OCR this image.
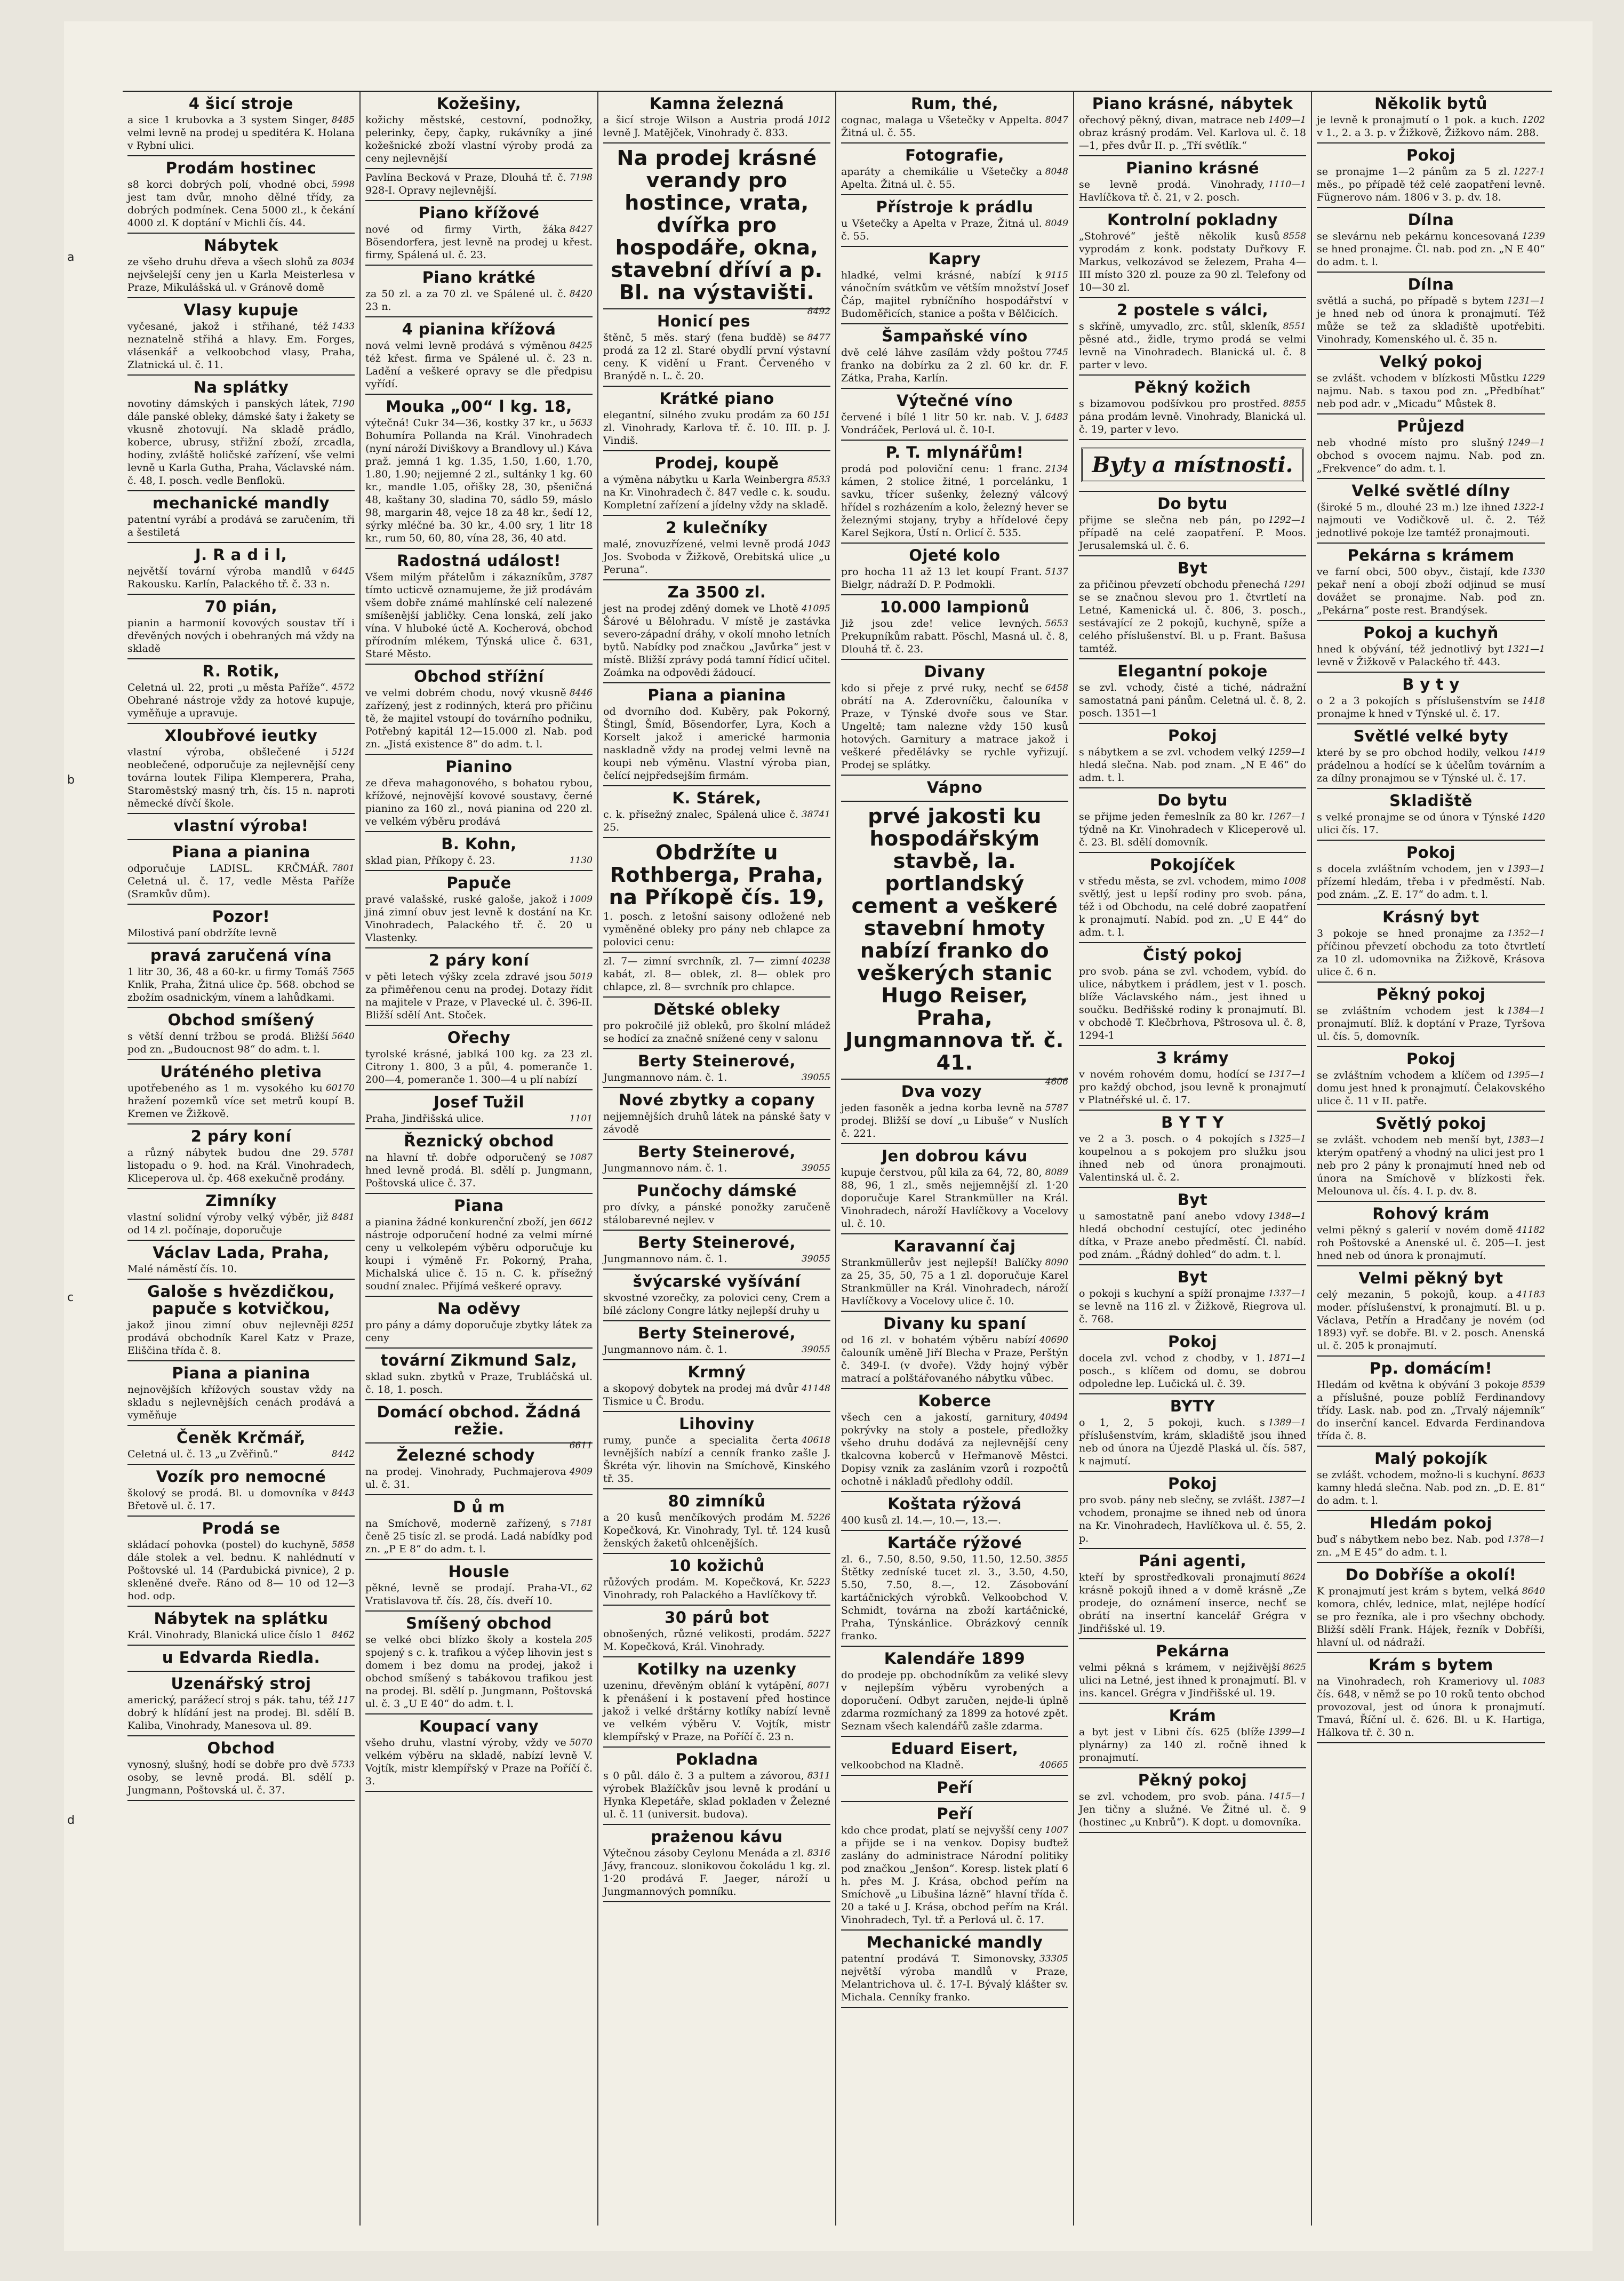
a
b
c
d
4 šicí stroje

8485
a sice 1 krubovka a 3 system Singer, velmi levně na prodej u speditéra K. Holana v Rybní ulici.

Prodám hostinec

5998
s8 korci dobrých polí, vhodné obci, jest tam dvůr, mnoho dělné třídy, za dobrých podmínek. Cena 5000 zl., k čekání 4000 zl. K doptání v Michli čís. 44.

Nábytek

8034
ze všeho druhu dřeva a všech slohů za nejvšelejší ceny jen u Karla Meisterlesa v Praze, Mikulášská ul. v Gránově domě

Vlasy kupuje

1433
vyčesané, jakož i střihané, též neznatelně střihá a hlavy. Em. Forges, vlásenkář a velkoobchod vlasy, Praha, Zlatnická ul. č. 11.

Na splátky

7190
novotiny dámských i panských látek, dále panské obleky, dámské šaty i žakety se vkusně zhotovují. Na skladě prádlo, koberce, ubrusy, střižní zboží, zrcadla, hodiny, zvláště holičské zařízení, vše velmi levně u Karla Gutha, Praha, Václavské nám. č. 48, I. posch. vedle Benflokü.

mechanické mandly

patentní vyrábí a prodává se zaručením, tři a šestiletá

J. R a d i l,

6445
největší tovární výroba mandlů v Rakousku. Karlín, Palackého tř. č. 33 n.

70 pián,

pianin a harmonií kovových soustav tří i dřevěných nových i obehraných má vždy na skladě

R. Rotik,

4572
Celetná ul. 22, proti „u města Paříže“. Obehrané nástroje vždy za hotové kupuje, vyměňuje a upravuje.

Xloubřové ieutky

5124
vlastní výroba, obšlečené i neoblečené, odporučuje za nejlevnější ceny továrna loutek Filipa Klemperera, Praha, Staroměstský masný trh, čís. 15 n. naproti německé dívčí škole.

vlastní výroba!
Piana a pianina

7801
odporučuje LADISL. KRČMÁŘ. Celetná ul. č. 17, vedle Města Paříže (Sramkův dům).

Pozor!

Milostivá paní obdržíte levně

pravá zaručená vína

7565
1 litr 30, 36, 48 a 60-kr. u firmy Tomáš Knlik, Praha, Žitná ulice čp. 568. obchod se zbožím osadnickým, vínem a lahůdkami.

Obchod smíšený

5640
s větší denní tržbou se prodá. Bližší pod zn. „Budoucnost 98“ do adm. t. l.

Uráténého pletiva

60170
upotřebeného as 1 m. vysokého ku hražení pozemků více set metrů koupí B. Kremen ve Žižkově.

2 páry koní

5781
a různý nábytek budou dne 29. listopadu o 9. hod. na Král. Vinohradech, Kliceperova ul. čp. 468 exekučně prodány.

Zimníky

8481
vlastní solidní výroby velký výběr, již od 14 zl. počínaje, doporučuje

Václav Lada, Praha,

Malé náměstí čís. 10.

Galoše s hvězdičkou, papuče s kotvičkou,

8251
jakož jinou zimní obuv nejlevněji prodává obchodník Karel Katz v Praze, Eliščina třída č. 8.

Piana a pianina

nejnovějších křížových soustav vždy na skladu s nejlevnějších cenách prodává a vyměňuje

Čeněk Krčmář,

8442
Celetná ul. č. 13 „u Zvěřinů.“

Vozík pro nemocné

8443
školový se prodá. Bl. u domovníka v Břetově ul. č. 17.

Prodá se

5858
skládací pohovka (postel) do kuchyně, dále stolek a vel. bednu. K nahlédnutí v Poštovské ul. 14 (Pardubická pivnice), 2 p. skleněné dveře. Ráno od 8— 10 od 12—3 hod. odp.

Nábytek na splátku

8462
Král. Vinohrady, Blanická ulice číslo 1

u Edvarda Riedla.
Uzenářský stroj

117
americký, parážecí stroj s pák. tahu, též dobrý k hlídání jest na prodej. Bl. sdělí B. Kaliba, Vinohrady, Manesova ul. 89.

Obchod

5733
vynosný, slušný, hodí se dobře pro dvě osoby, se levně prodá. Bl. sdělí p. Jungmann, Poštovská ul. č. 37.

Kožešiny,

kožichy městské, cestovní, podnožky, pelerinky, čepy, čapky, rukávníky a jiné kožešnické zboží vlastní výroby prodá za ceny nejlevnější

7198
Pavlína Becková v Praze, Dlouhá tř. č. 928-I. Opravy nejlevnější.

Piano křížové

8427
nové od firmy Virth, žáka Bösendorfera, jest levně na prodej u křest. firmy, Spálená ul. č. 23.

Piano krátké

8420
za 50 zl. a za 70 zl. ve Spálené ul. č. 23 n.

4 pianina křížová

8425
nová velmi levně prodává s výměnou též křest. firma ve Spálené ul. č. 23 n. Ladění a veškeré opravy se dle předpisu vyřídí.

Mouka „00“ l kg. 18,

5633
výtečná! Cukr 34—36, kostky 37 kr., u Bohumíra Pollanda na Král. Vinohradech (nyní nároží Diviškovy a Brandlovy ul.) Káva praž. jemná 1 kg. 1.35, 1.50, 1.60, 1.70, 1.80, 1.90; nejjemné 2 zl., sultánky 1 kg. 60 kr., mandle 1.05, ořišky 28, 30, pšeničná 48, kaštany 30, sladina 70, sádlo 59, máslo 98, margarin 48, vejce 18 za 48 kr., šedí 12, sýrky mléčné ba. 30 kr., 4.00 sry, 1 litr 18 kr., rum 50, 60, 80, vína 28, 36, 40 atd.

Radostná událost!

3787
Všem milým přátelům i zákazníkům, tímto ucticvě oznamujeme, že již prodávám všem dobře známé mahlínské celí nalezené smíšenější jabličky. Cena lonská, zelí jako vína. V hluboké úctě A. Kocherová, obchod přírodním mlékem, Týnská ulice č. 631, Staré Město.

Obchod stříżní

8446
ve velmi dobrém chodu, nový vkusně zařízený, jest z rodinných, která pro přičinu tě, že majitel vstoupí do továrního podniku, Potřebný kapitál 12—15.000 zl. Nab. pod zn. „Jistá existence 8“ do adm. t. l.

Pianino

ze dřeva mahagonového, s bohatou rybou, křížové, nejnovější kovové soustavy, černé pianino za 160 zl., nová pianina od 220 zl. ve velkém výběru prodává

B. Kohn,

1130
sklad pian, Příkopy č. 23.

Papuče

1009
pravé valašské, ruské galoše, jakož i jiná zimní obuv jest levně k dostání na Kr. Vinohradech, Palackého tř. č. 20 u Vlastenky.

2 páry koní

5019
v pěti letech výšky zcela zdravé jsou za přiměřenou cenu na prodej. Dotazy řídit na majitele v Praze, v Plavecké ul. č. 396-II. Bližší sdělí Ant. Stoček.

Ořechy

tyrolské krásné, jablká 100 kg. za 23 zl. Citrony 1. 800, 3 a půl, 4. pomeranče 1. 200—4, pomeranče 1. 300—4 u plí nabízí

Josef Tužil

1101
Praha, Jindřišská ulice.

Řeznický obchod

1087
na hlavní tř. dobře odporučený se hned levně prodá. Bl. sdělí p. Jungmann, Poštovská ulice č. 37.

Piana

6612
a pianina žádné konkurenční zboží, jen nástroje odporučení hodné za velmi mírné ceny u velkolepém výběru odporučuje ku koupi i výměně Fr. Pokorný, Praha, Michalská ulice č. 15 n. C. k. přísežný soudní znalec. Přijímá veškeré opravy.

Na oděvy

pro pány a dámy doporučuje zbytky látek za ceny

tovární Zikmund Salz,

sklad sukn. zbytků v Praze, Trubláčská ul. č. 18, 1. posch.

Domácí obchod. Žádná režie.

6611

Železné schody

4909
na prodej. Vinohrady, Puchmajerova ul. č. 31.

D ů m

7181
na Smíchově, moderně zařízený, s čeně 25 tisíc zl. se prodá. Ladá nabídky pod zn. „P E 8“ do adm. t. l.

Housle

62
pěkné, levně se prodají. Praha-VI., Vratislavova tř. čís. 28, čís. dveří 10.

Smíšený obchod

205
se velké obci blízko školy a kostela spojený s c. k. trafikou a výčep lihovin jest s domem i bez domu na prodej, jakož i obchod smíšený s tabákovou trafikou jest na prodej. Bl. sdělí p. Jungmann, Poštovská ul. č. 3 „U E 40“ do adm. t. l.

Koupací vany

5070
všeho druhu, vlastní výroby, vždy ve velkém výběru na skladě, nabízí levně V. Vojtík, mistr klempířský v Praze na Poříčí č. 3.

Kamna železná

1012
a šicí stroje Wilson a Austria prodá levně J. Matějček, Vinohrady č. 833.

Na prodej krásné verandy pro hostince, vrata, dvířka pro hospodáře, okna, stavební dříví a p. Bl. na výstavišti.

8492

Honicí pes

8477
štěnč, 5 měs. starý (fena buďdě) se prodá za 12 zl. Staré obydlí první výstavní ceny. K vidění u Frant. Červeného v Branýdě n. L. č. 20.

Krátké piano

151
elegantní, silného zvuku prodám za 60 zl. Vinohrady, Karlova tř. č. 10. III. p. J. Vindiš.

Prodej, koupě

8533
a výměna nábytku u Karla Weinbergra na Kr. Vinohradech č. 847 vedle c. k. soudu. Kompletní zařízení a jídelny vždy na skladě.

2 kulečníky

1043
malé, znovuzřízené, velmi levně prodá Jos. Svoboda v Žižkově, Orebitská ulice „u Peruna“.

Za 3500 zl.

41095
jest na prodej zděný domek ve Lhotě Šárové u Bělohradu. V místě je zastávka severo-západní dráhy, v okolí mnoho letních bytů. Nabídky pod značkou „Javůrka“ jest v místě. Bližší zprávy podá tamní řídicí učitel. Zoámka na odpovědi žádoucí.

Piana a pianina

od dvorního dod. Kuběry, pak Pokorný, Štingl, Šmíd, Bösendorfer, Lyra, Koch a Korselt jakož i americké harmonia naskladně vždy na prodej velmi levně na koupi neb výměnu. Vlastní výroba pian, čelící nejpředsejším firmám.

K. Stárek,

38741
c. k. přísežný znalec, Spálená ulice č. 25.

Obdržíte u Rothberga, Praha, na Příkopě čís. 19,

1. posch. z letošní saisony odložené neb vyměněné obleky pro pány neb chlapce za polovici cenu:

40238
zl. 7— zimní svrchník, zl. 7— zimní kabát, zl. 8— oblek, zl. 8— oblek pro chlapce, zl. 8— svrchník pro chlapce.

Dětské obleky

pro pokročilé již obleků, pro školní mládež se hodící za značně snížené ceny v salonu

Berty Steinerové,

39055
Jungmannovo nám. č. 1.

Nové zbytky a copany

nejjemnějších druhů látek na pánské šaty v závodě

Berty Steinerové,

39055
Jungmannovo nám. č. 1.

Punčochy dámské

pro dívky, a pánské ponožky zaručeně stálobarevné nejlev. v

Berty Steinerové,

39055
Jungmannovo nám. č. 1.

švýcarské vyšívání

skvostné vzorečky, za polovici ceny, Crem a bílé záclony Congre látky nejlepší druhy u

Berty Steinerové,

39055
Jungmannovo nám. č. 1.

Krmný

41148
a skopový dobytek na prodej má dvůr Tismice u Č. Brodu.

Lihoviny

40618
rumy, punče a specialita čerta levnějších nabízí a cenník franko zašle J. Škréta výr. lihovin na Smíchově, Kinského tř. 35.

80 zimníků

5226
a 20 kusů menčíkových prodám M. Kopečková, Kr. Vinohrady, Tyl. tř. 124 kusů ženských žaketů ohlcenějších.

10 kožichů

5223
růžových prodám. M. Kopečková, Kr. Vinohrady, roh Palackého a Havlíčkovy tř.

30 párů bot

5227
obnošených, různé velikosti, prodám. M. Kopečková, Král. Vinohrady.

Kotilky na uzenky

8071
uzeninu, dřevěným oblání k vytápění, k přenášení i k postavení před hostince jakož i velké drštárny kotlíky nabízí levně ve velkém výběru V. Vojtík, mistr klempířský v Praze, na Poříčí č. 23 n.

Pokladna

8311
s 0 půl. dálo č. 3 a pultem a závorou, výrobek Blažíčkův jsou levně k prodání u Hynka Klepetáře, sklad pokladen v Železné ul. č. 11 (universit. budova).

prażenou kávu

8316
Výtečnou zásoby Ceylonu Menáda a zl. Jávy, francouz. slonikovou čokoládu 1 kg. zl. 1·20 prodává F. Jaeger, nároží u Jungmannových pomníku.

Rum, thé,

8047
cognac, malaga u Všetečky v Appelta. Žitná ul. č. 55.

Fotografie,

8048
aparáty a chemikálie u Všetečky a Apelta. Žitná ul. č. 55.

Přístroje k prádlu

8049
u Všetečky a Apelta v Praze, Žitná ul. č. 55.

Kapry

9115
hladké, velmi krásné, nabízí k vánočním svátkům ve větším množství Josef Čáp, majitel rybníčního hospodářství v Budoměřicích, stanice a pošta v Bělčicích.

Šampaňské víno

7745
dvě celé láhve zasílám vždy poštou franko na dobírku za 2 zl. 60 kr. dr. F. Zátka, Praha, Karlín.

Výtečné víno

6483
červené i bílé 1 litr 50 kr. nab. V. J. Vondráček, Perlová ul. č. 10-I.

P. T. mlynářům!

2134
prodá pod poloviční cenu: 1 franc. kámen, 2 stolice žitné, 1 porcelánku, 1 savku, třícer sušenky, železný válcový hřídel s rozházením a kolo, železný hever se železnými stojany, tryby a hřídelové čepy Karel Sejkora, Ústí n. Orlicí č. 535.

Ojeté kolo

5137
pro hocha 11 až 13 let koupí Frant. Bielgr, nádraží D. P. Podmokli.

10.000 lampionů

5653
Již jsou zde! velice levných. Prekupníkům rabatt. Pöschl, Masná ul. č. 8, Dlouhá tř. č. 23.

Divany

6458
kdo si přeje z prvé ruky, nechť se obrátí na A. Zderovníčku, čalouníka v Praze, v Týnské dvoře sous ve Star. Ungeltě; tam nalezne vždy 150 kusů hotových. Garnitury a matrace jakož i veškeré předělávky se rychle vyřizují. Prodej se splátky.

Vápno
prvé jakosti ku hospodářským stavbě, la. portlandský cement a veškeré stavební hmoty nabízí franko do veškerých stanic Hugo Reiser, Praha, Jungmannova tř. č. 41.

4606

Dva vozy

5787
jeden fasoněk a jedna korba levně na prodej. Bližší se doví „u Libuše“ v Nuslích č. 221.

Jen dobrou kávu

8089
kupuje čerstvou, půl kila za 64, 72, 80, 88, 96, 1 zl., směs nejjemnější zl. 1·20 doporučuje Karel Strankmüller na Král. Vinohradech, nároží Havlíčkovy a Vocelovy ul. č. 10.

Karavanní čaj

8090
Strankmüllerův jest nejlepší! Balíčky za 25, 35, 50, 75 a 1 zl. doporučuje Karel Strankmüller na Král. Vinohradech, nároží Havlíčkovy a Vocelovy ulice č. 10.

Divany ku spaní

40690
od 16 zl. v bohatém výběru nabízí čalouník uměně Jiří Blecha v Praze, Perštýn č. 349-I. (v dvoře). Vždy hojný výběr matrací a polštářovaného nábytku vůbec.

Koberce

40494
všech cen a jakostí, garnitury, pokrývky na stoly a postele, předložky všeho druhu dodává za nejlevnější ceny tkalcovna koberců v Heřmanově Městci. Dopisy vznik za zasláním vzorů i rozpočtů ochotně i nákladů předlohy oddíl.

Koštata rýžová

400 kusů zl. 14.—, 10.—, 13.—.

Kartáče rýžové

3855
zl. 6., 7.50, 8.50, 9.50, 11.50, 12.50. Štětky zedníské tucet zl. 3., 3.50, 4.50, 5.50, 7.50, 8.—, 12. Zásobování kartáčnických výrobků. Velkoobchod V. Schmidt, továrna na zboží kartáčnické, Praha, Týnskánlice. Obrázkový cenník franko.

Kalendáře 1899

do prodeje pp. obchodníkům za veliké slevy v nejlepším výběru vyrobených a doporučení. Odbyt zaručen, nejde-li úplně zdarma rozmíchaný za 1899 za hotové zpět. Seznam všech kalendářů zašle zdarma.

Eduard Eisert,

40665
velkoobchod na Kladně.

Peří
Peří

1007
kdo chce prodat, platí se nejvyšší ceny a přijde se i na venkov. Dopisy buďtež zaslány do administrace Národní politiky pod značkou „Jenšon“. Koresp. listek platí 6 h. přes M. J. Krása, obchod peřím na Smíchově „u Libušina lázně“ hlavní třída č. 20 a také u J. Krása, obchod peřím na Král. Vinohradech, Tyl. tř. a Perlová ul. č. 17.

Mechanické mandly

33305
patentní prodává T. Simonovsky, největší výroba mandlů v Praze, Melantrichova ul. č. 17-I. Bývalý klášter sv. Michala. Cenníky franko.

Piano krásné, nábytek

1409—1
ořechový pěkný, divan, matrace neb obraz krásný prodám. Vel. Karlova ul. č. 18—1, přes dvůr II. p. „Tří světlík.“

Pianino krásné

1110—1
se levně prodá. Vinohrady, Havlíčkova tř. č. 21, v 2. posch.

Kontrolní pokladny

8558
„Stohrové“ ještě několik kusů vyprodám z konk. podstaty Duřkovy F. Markus, velkozávod se železem, Praha 4—III místo 320 zl. pouze za 90 zl. Telefony od 10—30 zl.

2 postele s válci,

8551
s skříně, umyvadlo, zrc. stůl, skleník, pěsné atd., židle, trymo prodá se velmi levně na Vinohradech. Blanická ul. č. 8 parter v levo.

Pěkný kožich

8855
s bizamovou podšívkou pro prostřed. pána prodám levně. Vinohrady, Blanická ul. č. 19, parter v levo.

Byty a místnosti.
Do bytu

1292—1
přijme se slečna neb pán, po případě na celé zaopatření. P. Moos. Jerusalemská ul. č. 6.

Byt

1291
za přičinou převzetí obchodu přenechá se se značnou slevou pro 1. čtvrtletí na Letné, Kamenická ul. č. 806, 3. posch., sestávající ze 2 pokojů, kuchyně, spíže a celého příslušenství. Bl. u p. Frant. Bašusa tamtéž.

Elegantní pokoje

se zvl. vchody, čisté a tiché, nádražní samostatná pani pánům. Celetná ul. č. 8, 2. posch. 1351—1

Pokoj

1259—1
s nábytkem a se zvl. vchodem velký hledá slečna. Nab. pod znam. „N E 46“ do adm. t. l.

Do bytu

1267—1
se přijme jeden řemeslník za 80 kr. týdně na Kr. Vinohradech v Kliceperově ul. č. 23. Bl. sdělí domovník.

Pokojíček

1008
v středu města, se zvl. vchodem, mimo světlý, jest u lepší rodiny pro svob. pána, též i od Obchodu, na celé dobré zaopatření k pronajmutí. Nabíd. pod zn. „U E 44“ do adm. t. l.

Čistý pokoj

pro svob. pána se zvl. vchodem, vybíd. do ulice, nábytkem i prádlem, jest v 1. posch. blíže Václavského nám., jest ihned u součku. Bedřišské rodiny k pronajmutí. Bl. v obchodě T. Klečbrhova, Pštrosova ul. č. 8, 1294-1

3 krámy

1317—1
v novém rohovém domu, hodící se pro každý obchod, jsou levně k pronajmutí v Platnéřské ul. č. 17.

B Y T Y

1325—1
ve 2 a 3. posch. o 4 pokojích s koupelnou a s pokojem pro služku jsou ihned neb od února pronajmouti. Valentinská ul. č. 2.

Byt

1348—1
u samostatně paní anebo vdovy hledá obchodní cestující, otec jediného dítka, v Praze anebo předměstí. Čl. nabíd. pod znám. „Řádný dohled“ do adm. t. l.

Byt

1337—1
o pokoji s kuchyní a spíží pronajme se levně na 116 zl. v Žižkově, Riegrova ul. č. 768.

Pokoj

1871—1
docela zvl. vchod z chodby, v 1. posch., s klíčem od domu, se dobrou odpoledne lep. Lučická ul. č. 39.

BYTY

1389—1
o 1, 2, 5 pokoji, kuch. s příslušenstvím, krám, skladiště jsou ihned neb od února na Újezdě Plaská ul. čís. 587, k najmutí.

Pokoj

1387—1
pro svob. pány neb slečny, se zvlášt. vchodem, pronajme se ihned neb od února na Kr. Vinohradech, Havlíčkova ul. č. 55, 2. p.

Páni agenti,

8624
kteří by sprostředkovali pronajmutí krásně pokojů ihned a v domě krásně „Ze prodeje, do oznámení inserce, nechť se obrátí na insertní kancelář Grégra v Jindřišské ul. 19.

Pekárna

8625
velmi pěkná s krámem, v nejživější ulici na Letné, jest ihned k pronajmutí. Bl. v ins. kancel. Grégra v Jindřišské ul. 19.

Krám

1399—1
a byt jest v Libni čís. 625 (blíže plynárny) za 140 zl. ročně ihned k pronajmutí.

Pěkný pokoj

1415—1
se zvl. vchodem, pro svob. pána. Jen tičny a služné. Ve Žitné ul. č. 9 (hostinec „u Knbrů“). K dopt. u domovníka.

Několik bytů

1202
je levně k pronajmutí o 1 pok. a kuch. v 1., 2. a 3. p. v Žižkově, Žižkovo nám. 288.

Pokoj

1227-1
se pronajme 1—2 pánům za 5 zl. měs., po případě též celé zaopatření levně. Fügnerovo nám. 1806 v 3. p. dv. 18.

Dílna

1239
se slevárnu neb pekárnu koncesovaná se hned pronajme. Čl. nab. pod zn. „N E 40“ do adm. t. l.

Dílna

1231—1
světlá a suchá, po případě s bytem je hned neb od února k pronajmutí. Též může se tež za skladiště upotřebiti. Vinohrady, Komenského ul. č. 35 n.

Velký pokoj

1229
se zvlášt. vchodem v blízkosti Můstku najmu. Nab. s taxou pod zn. „Předbíhat“ neb pod adr. v „Micadu“ Můstek 8.

Průjezd

1249—1
neb vhodné místo pro slušný obchod s ovocem najmu. Nab. pod zn. „Frekvence“ do adm. t. l.

Velké světlé dílny

1322-1
(široké 5 m., dlouhé 23 m.) lze ihned najmouti ve Vodičkově ul. č. 2. Též jednotlivé pokoje lze tamtéž pronajmouti.

Pekárna s krámem

1330
ve farní obci, 500 obyv., čistají, kde pekař není a obojí zboží odjinud se musí dovážet se pronajme. Nab. pod zn. „Pekárna“ poste rest. Brandýsek.

Pokoj a kuchyň

1321—1
hned k obývání, též jednotlivý byt levně v Žižkově v Palackého tř. 443.

B y t y

1418
o 2 a 3 pokojích s příslušenstvím se pronajme k hned v Týnské ul. č. 17.

Světlé velké byty

1419
které by se pro obchod hodily, velkou prádelnou a hodící se k účelům továrním a za dílny pronajmou se v Týnské ul. č. 17.

Skladiště

1420
s velké pronajme se od února v Týnské ulici čís. 17.

Pokoj

1393—1
s docela zvláštním vchodem, jen v přízemí hledám, třeba i v předměstí. Nab. pod znám. „Z. E. 17“ do adm. t. l.

Krásný byt

1352—1
3 pokoje se hned pronajme za příčinou převzetí obchodu za toto čtvrtletí za 10 zl. udomovnika na Žižkově, Krásova ulice č. 6 n.

Pěkný pokoj

1384—1
se zvláštním vchodem jest k pronajmutí. Blíž. k doptání v Praze, Tyršova ul. čís. 5, domovník.

Pokoj

1395—1
se zvláštním vchodem a klíčem od domu jest hned k pronajmutí. Čelakovského ulice č. 11 v II. patře.

Světlý pokoj

1383—1
se zvlášt. vchodem neb menší byt, kterým opatřený a vhodný na ulici jest pro 1 neb pro 2 pány k pronajmutí hned neb od února na Smíchově v blízkosti řek. Melounova ul. čís. 4. I. p. dv. 8.

Rohový krám

41182
velmi pěkný s galerií v novém domě roh Poštovské a Anenské ul. č. 205—I. jest hned neb od února k pronajmutí.

Velmi pěkný byt

41183
celý mezanin, 5 pokojů, koup. a moder. příslušenství, k pronajmutí. Bl. u p. Václava, Petřín a Hradčany je novém (od 1893) vyř. se dobře. Bl. v 2. posch. Anenská ul. č. 205 k pronajmutí.

Pp. domácím!

8539
Hledám od května k obývání 3 pokoje a příslušné, pouze poblíž Ferdinandovy třídy. Lask. nab. pod zn. „Trvalý nájemník“ do inserční kancel. Edvarda Ferdinandova třída č. 8.

Malý pokojík

8633
se zvlášt. vchodem, možno-li s kuchyní. kamny hledá slečna. Nab. pod zn. „D. E. 81“ do adm. t. l.

Hledám pokoj

1378—1
buď s nábytkem nebo bez. Nab. pod zn. „M E 45“ do adm. t. l.

Do Dobříše a okolí!

8640
K pronajmutí jest krám s bytem, velká komora, chlév, lednice, mlat, nejlépe hodící se pro řezníka, ale i pro všechny obchody. Bližší sdělí Frank. Hájek, řezník v Dobříši, hlavní ul. od nádraží.

Krám s bytem

1083
na Vinohradech, roh Krameriovy ul. čís. 648, v němž se po 10 roků tento obchod provozoval, jest od února k pronajmutí. Tmavá, Říční ul. č. 626. Bl. u K. Hartiga, Hálkova tř. č. 30 n.
